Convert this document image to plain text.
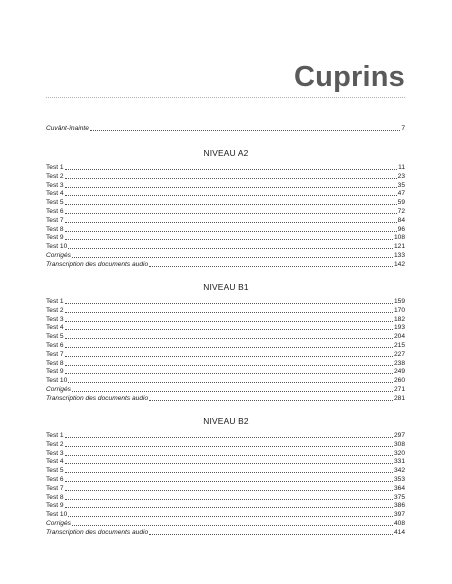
Cuprins
Cuvânt-înainte	7
NIVEAU A2
Test 1	11
Test 2	23
Test 3	35
Test 4	47
Test 5	59
Test 6	72
Test 7	84
Test 8	96
Test 9	108
Test 10	121
Corrigés	133
Transcription des documents audio	142
NIVEAU B1
Test 1	159
Test 2	170
Test 3	182
Test 4	193
Test 5	204
Test 6	215
Test 7	227
Test 8	238
Test 9	249
Test 10	260
Corrigés	271
Transcription des documents audio	281
NIVEAU B2
Test 1	297
Test 2	308
Test 3	320
Test 4	331
Test 5	342
Test 6	353
Test 7	364
Test 8	375
Test 9	386
Test 10	397
Corrigés	408
Transcription des documents audio	414
